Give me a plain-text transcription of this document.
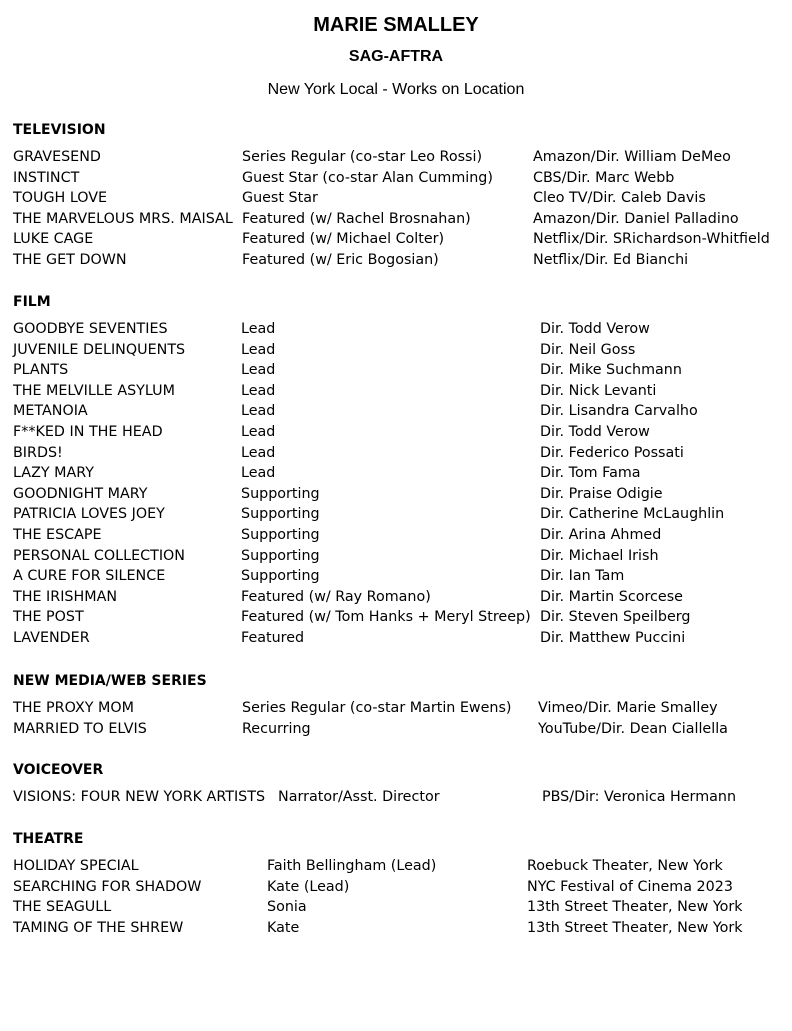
MARIE SMALLEY
SAG-AFTRA
New York Local - Works on Location
TELEVISION
GRAVESEND	Series Regular (co-star Leo Rossi)	Amazon/Dir. William DeMeo
INSTINCT	Guest Star (co-star Alan Cumming)	CBS/Dir. Marc Webb
TOUGH LOVE	Guest Star	Cleo TV/Dir. Caleb Davis
THE MARVELOUS MRS. MAISAL Featured (w/ Rachel Brosnahan)	Amazon/Dir. Daniel Palladino
LUKE CAGE	Featured (w/ Michael Colter)	Netflix/Dir. SRichardson-Whitfield
THE GET DOWN	Featured (w/ Eric Bogosian)	Netflix/Dir. Ed Bianchi
FILM
GOODBYE SEVENTIES	Lead	Dir. Todd Verow
JUVENILE DELINQUENTS	Lead	Dir. Neil Goss
PLANTS	Lead	Dir. Mike Suchmann
THE MELVILLE ASYLUM	Lead	Dir. Nick Levanti
METANOIA	Lead	Dir. Lisandra Carvalho
F**KED IN THE HEAD	Lead	Dir. Todd Verow
BIRDS!	Lead	Dir. Federico Possati
LAZY MARY	Lead	Dir. Tom Fama
GOODNIGHT MARY	Supporting	Dir. Praise Odigie
PATRICIA LOVES JOEY	Supporting	Dir. Catherine McLaughlin
THE ESCAPE	Supporting	Dir. Arina Ahmed
PERSONAL COLLECTION	Supporting	Dir. Michael Irish
A CURE FOR SILENCE	Supporting	Dir. Ian Tam
THE IRISHMAN	Featured (w/ Ray Romano)	Dir. Martin Scorcese
THE POST	Featured (w/ Tom Hanks + Meryl Streep) Dir. Steven Speilberg
LAVENDER	Featured	Dir. Matthew Puccini
NEW MEDIA/WEB SERIES
THE PROXY MOM	Series Regular (co-star Martin Ewens) Vimeo/Dir. Marie Smalley
MARRIED TO ELVIS	Recurring	YouTube/Dir. Dean Ciallella
VOICEOVER
VISIONS: FOUR NEW YORK ARTISTS Narrator/Asst. Director	PBS/Dir: Veronica Hermann
THEATRE
HOLIDAY SPECIAL	Faith Bellingham (Lead)	Roebuck Theater, New York
SEARCHING FOR SHADOW	Kate (Lead)	NYC Festival of Cinema 2023
THE SEAGULL	Sonia	13th Street Theater, New York
TAMING OF THE SHREW	Kate	13th Street Theater, New York
